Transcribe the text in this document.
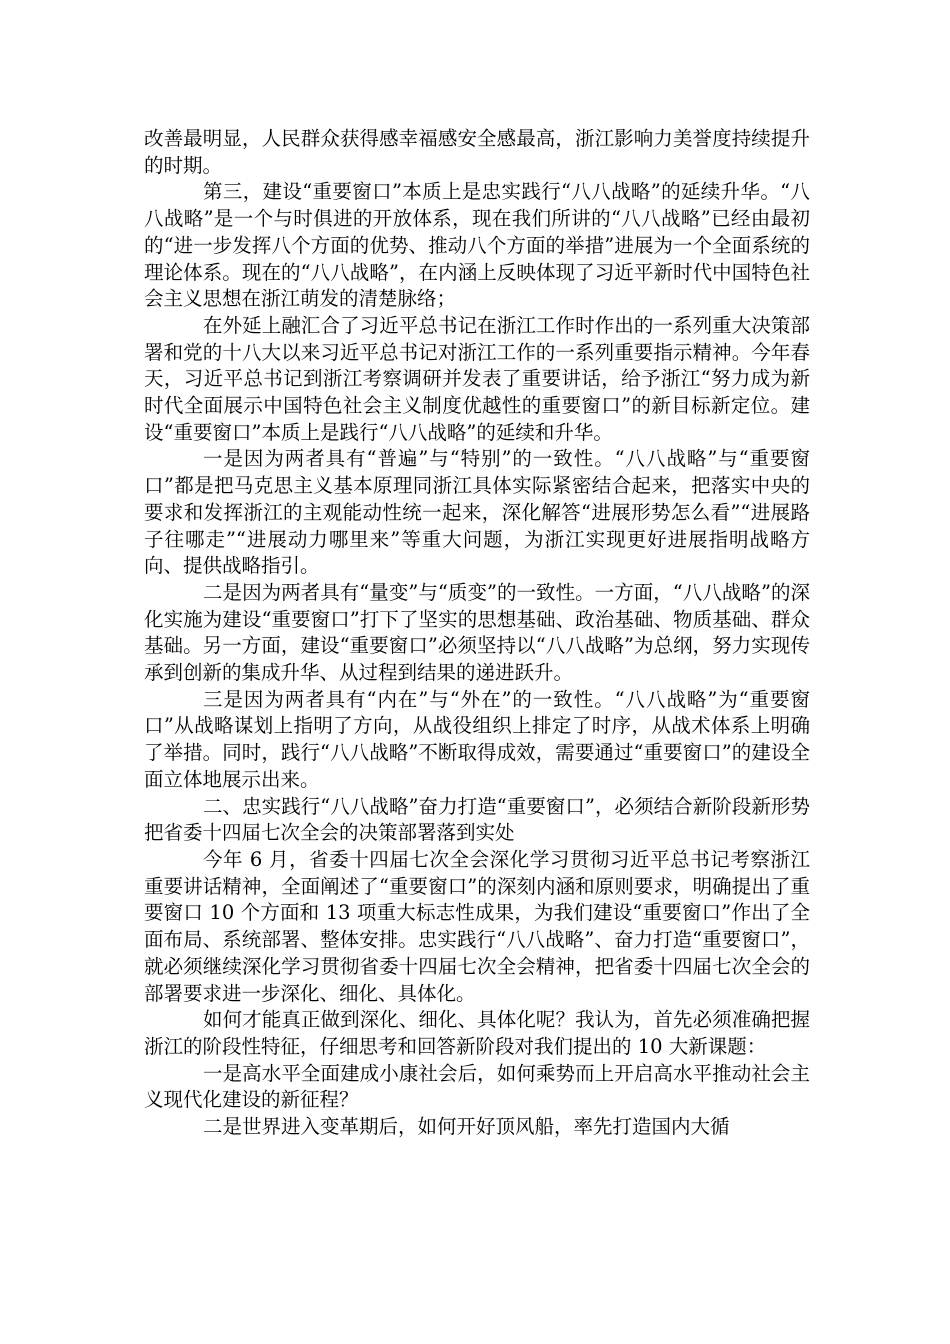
改善最明显，人民群众获得感幸福感安全感最高，浙江影响力美誉度持续提升的时期。

第三，建设“重要窗口”本质上是忠实践行“八八战略”的延续升华。“八八战略”是一个与时俱进的开放体系，现在我们所讲的“八八战略”已经由最初的“进一步发挥八个方面的优势、推动八个方面的举措”进展为一个全面系统的理论体系。现在的“八八战略”，在内涵上反映体现了习近平新时代中国特色社会主义思想在浙江萌发的清楚脉络；

在外延上融汇合了习近平总书记在浙江工作时作出的一系列重大决策部署和党的十八大以来习近平总书记对浙江工作的一系列重要指示精神。今年春天，习近平总书记到浙江考察调研并发表了重要讲话，给予浙江“努力成为新时代全面展示中国特色社会主义制度优越性的重要窗口”的新目标新定位。建设“重要窗口”本质上是践行“八八战略”的延续和升华。

一是因为两者具有“普遍”与“特别”的一致性。“八八战略”与“重要窗口”都是把马克思主义基本原理同浙江具体实际紧密结合起来，把落实中央的要求和发挥浙江的主观能动性统一起来，深化解答“进展形势怎么看”“进展路子往哪走”“进展动力哪里来”等重大问题，为浙江实现更好进展指明战略方向、提供战略指引。

二是因为两者具有“量变”与“质变”的一致性。一方面，“八八战略”的深化实施为建设“重要窗口”打下了坚实的思想基础、政治基础、物质基础、群众基础。另一方面，建设“重要窗口”必须坚持以“八八战略”为总纲，努力实现传承到创新的集成升华、从过程到结果的递进跃升。

三是因为两者具有“内在”与“外在”的一致性。“八八战略”为“重要窗口”从战略谋划上指明了方向，从战役组织上排定了时序，从战术体系上明确了举措。同时，践行“八八战略”不断取得成效，需要通过“重要窗口”的建设全面立体地展示出来。

二、忠实践行“八八战略”奋力打造“重要窗口”，必须结合新阶段新形势把省委十四届七次全会的决策部署落到实处

今年 6 月，省委十四届七次全会深化学习贯彻习近平总书记考察浙江重要讲话精神，全面阐述了“重要窗口”的深刻内涵和原则要求，明确提出了重要窗口 10 个方面和 13 项重大标志性成果，为我们建设“重要窗口”作出了全面布局、系统部署、整体安排。忠实践行“八八战略”、奋力打造“重要窗口”，就必须继续深化学习贯彻省委十四届七次全会精神，把省委十四届七次全会的部署要求进一步深化、细化、具体化。

如何才能真正做到深化、细化、具体化呢？我认为，首先必须准确把握浙江的阶段性特征，仔细思考和回答新阶段对我们提出的 10 大新课题：

一是高水平全面建成小康社会后，如何乘势而上开启高水平推动社会主义现代化建设的新征程？

二是世界进入变革期后，如何开好顶风船，率先打造国内大循
